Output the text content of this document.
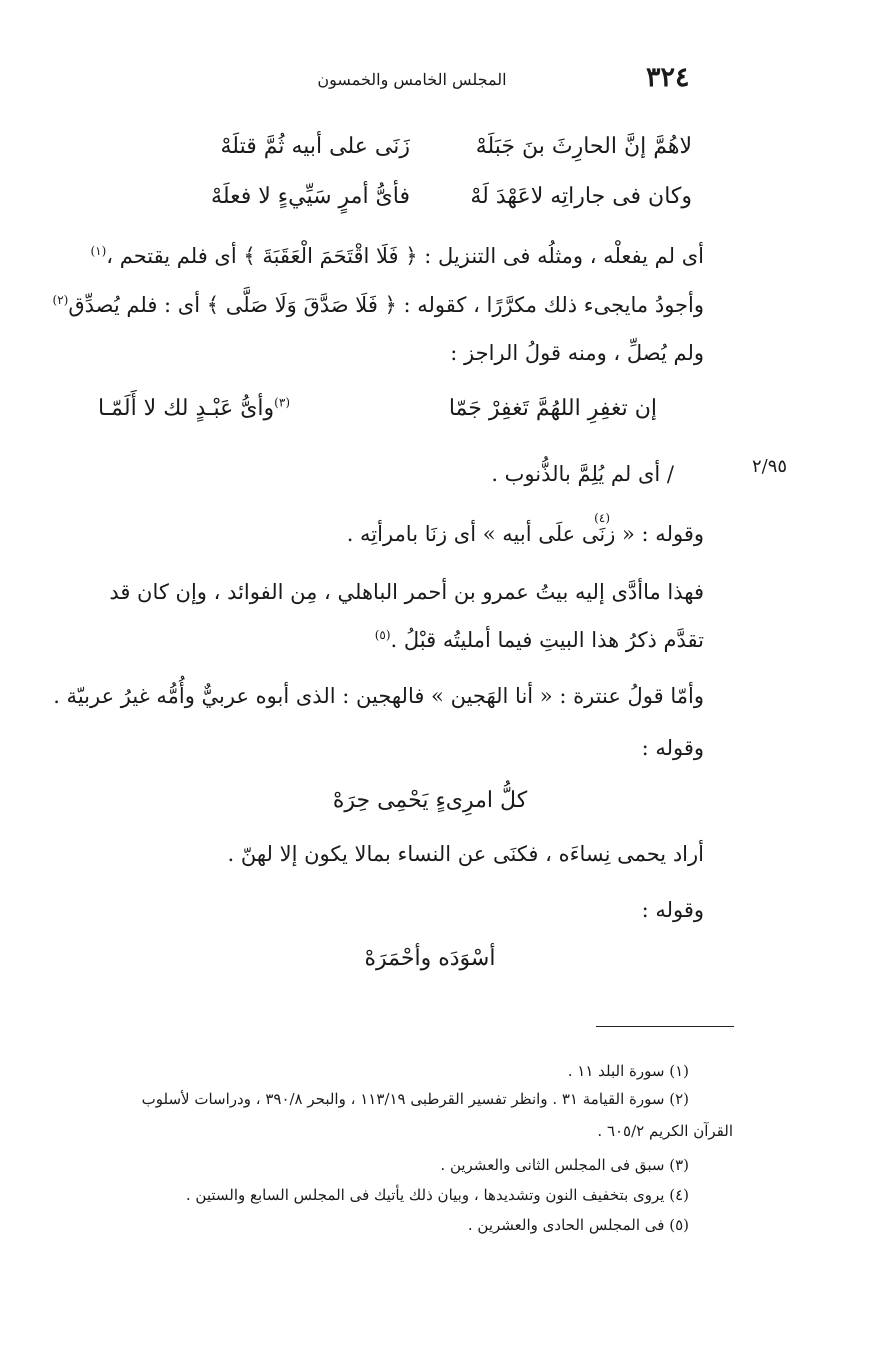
٣٢٤
المجلس الخامس والخمسون
لاهُمَّ إنَّ الحارِثَ بنَ جَبَلَهْ
زَنَى على أبيه ثُمَّ قتلَهْ
وكان فى جاراتِه لاعَهْدَ لَهْ
فأىُّ أمرٍ سَيِّيءٍ لا فعلَهْ
أى لم يفعلْه ، ومثلُه فى التنزيل : ﴿ فَلَا اقْتَحَمَ الْعَقَبَةَ ﴾ أى فلم يقتحم ،$^{(١)}$
وأجودُ مايجىء ذلك مكرَّرًا ، كقوله : ﴿ فَلَا صَدَّقَ وَلَا صَلَّى ﴾ أى : فلم يُصدِّق$^{(٢)}$
ولم يُصلِّ ، ومنه قولُ الراجز :
إن تغفِرِ اللهُمَّ تَغفِرْ جَمّا
$^{(٣)}$وأىُّ عَبْـدٍ لك لا أَلَمّـا
٢/٩٥
/ أى لم يُلِمَّ بالذُّنوب .
وقوله : « زنَى علَى أبيه » أى زنَا بامرأتِه .
(٤)
فهذا ماأدَّى إليه بيتُ عمرو بن أحمر الباهلي ، مِن الفوائد ، وإن كان قد
تقدَّم ذكرُ هذا البيتِ فيما أمليتُه قبْلُ .$^{(٥)}$
وأمّا قولُ عنترة : « أنا الهَجين » فالهجين : الذى أبوه عربيٌّ وأُمُّه غيرُ عربيّة .
وقوله :
كلُّ امرِىءٍ يَحْمِى حِرَهْ
أراد يحمى نِساءَه ، فكنَى عن النساء بمالا يكون إلا لهنّ .
وقوله :
أسْوَدَه وأحْمَرَهْ
(١) سورة البلد ١١ .
(٢) سورة القيامة ٣١ . وانظر تفسير القرطبى ١١٣/١٩ ، والبحر ٣٩٠/٨ ، ودراسات لأسلوب
القرآن الكريم ٦٠٥/٢ .
(٣) سبق فى المجلس الثانى والعشرين .
(٤) يروى بتخفيف النون وتشديدها ، وبيان ذلك يأتيك فى المجلس السابع والستين .
(٥) فى المجلس الحادى والعشرين .
